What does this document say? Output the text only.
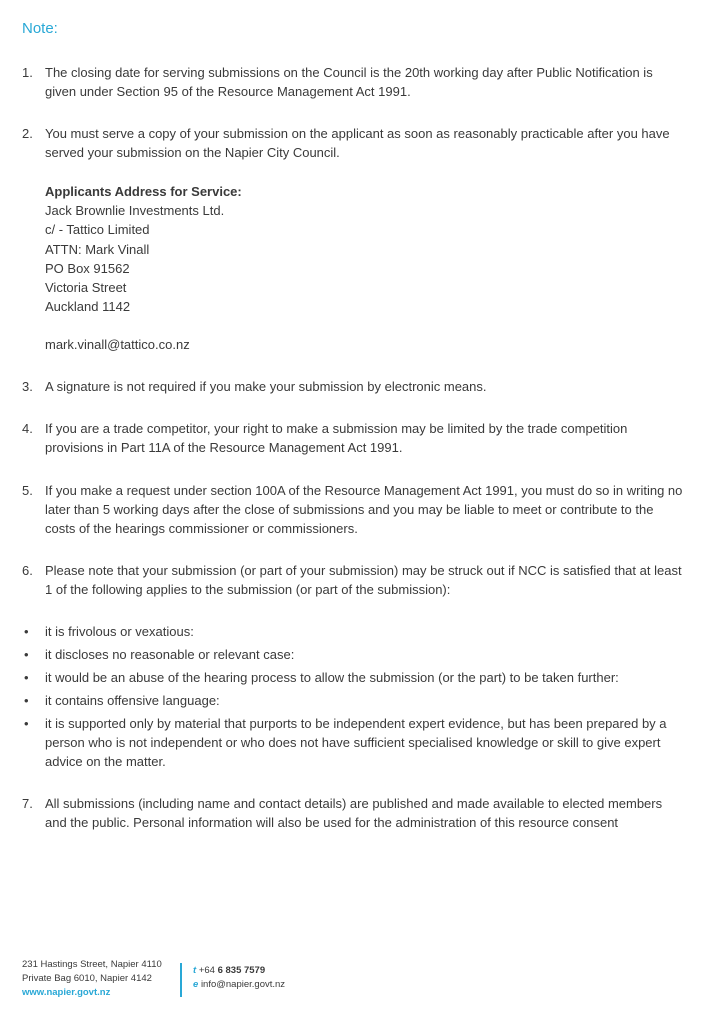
Note:
1. The closing date for serving submissions on the Council is the 20th working day after Public Notification is given under Section 95 of the Resource Management Act 1991.
2. You must serve a copy of your submission on the applicant as soon as reasonably practicable after you have served your submission on the Napier City Council.
Applicants Address for Service:
Jack Brownlie Investments Ltd.
c/ - Tattico Limited
ATTN: Mark Vinall
PO Box 91562
Victoria Street
Auckland 1142
mark.vinall@tattico.co.nz
3. A signature is not required if you make your submission by electronic means.
4. If you are a trade competitor, your right to make a submission may be limited by the trade competition provisions in Part 11A of the Resource Management Act 1991.
5. If you make a request under section 100A of the Resource Management Act 1991, you must do so in writing no later than 5 working days after the close of submissions and you may be liable to meet or contribute to the costs of the hearings commissioner or commissioners.
6. Please note that your submission (or part of your submission) may be struck out if NCC is satisfied that at least 1 of the following applies to the submission (or part of the submission):
• it is frivolous or vexatious:
• it discloses no reasonable or relevant case:
• it would be an abuse of the hearing process to allow the submission (or the part) to be taken further:
• it contains offensive language:
• it is supported only by material that purports to be independent expert evidence, but has been prepared by a person who is not independent or who does not have sufficient specialised knowledge or skill to give expert advice on the matter.
7. All submissions (including name and contact details) are published and made available to elected members and the public. Personal information will also be used for the administration of this resource consent
231 Hastings Street, Napier 4110
Private Bag 6010, Napier 4142
www.napier.govt.nz
t +64 6 835 7579
e info@napier.govt.nz
